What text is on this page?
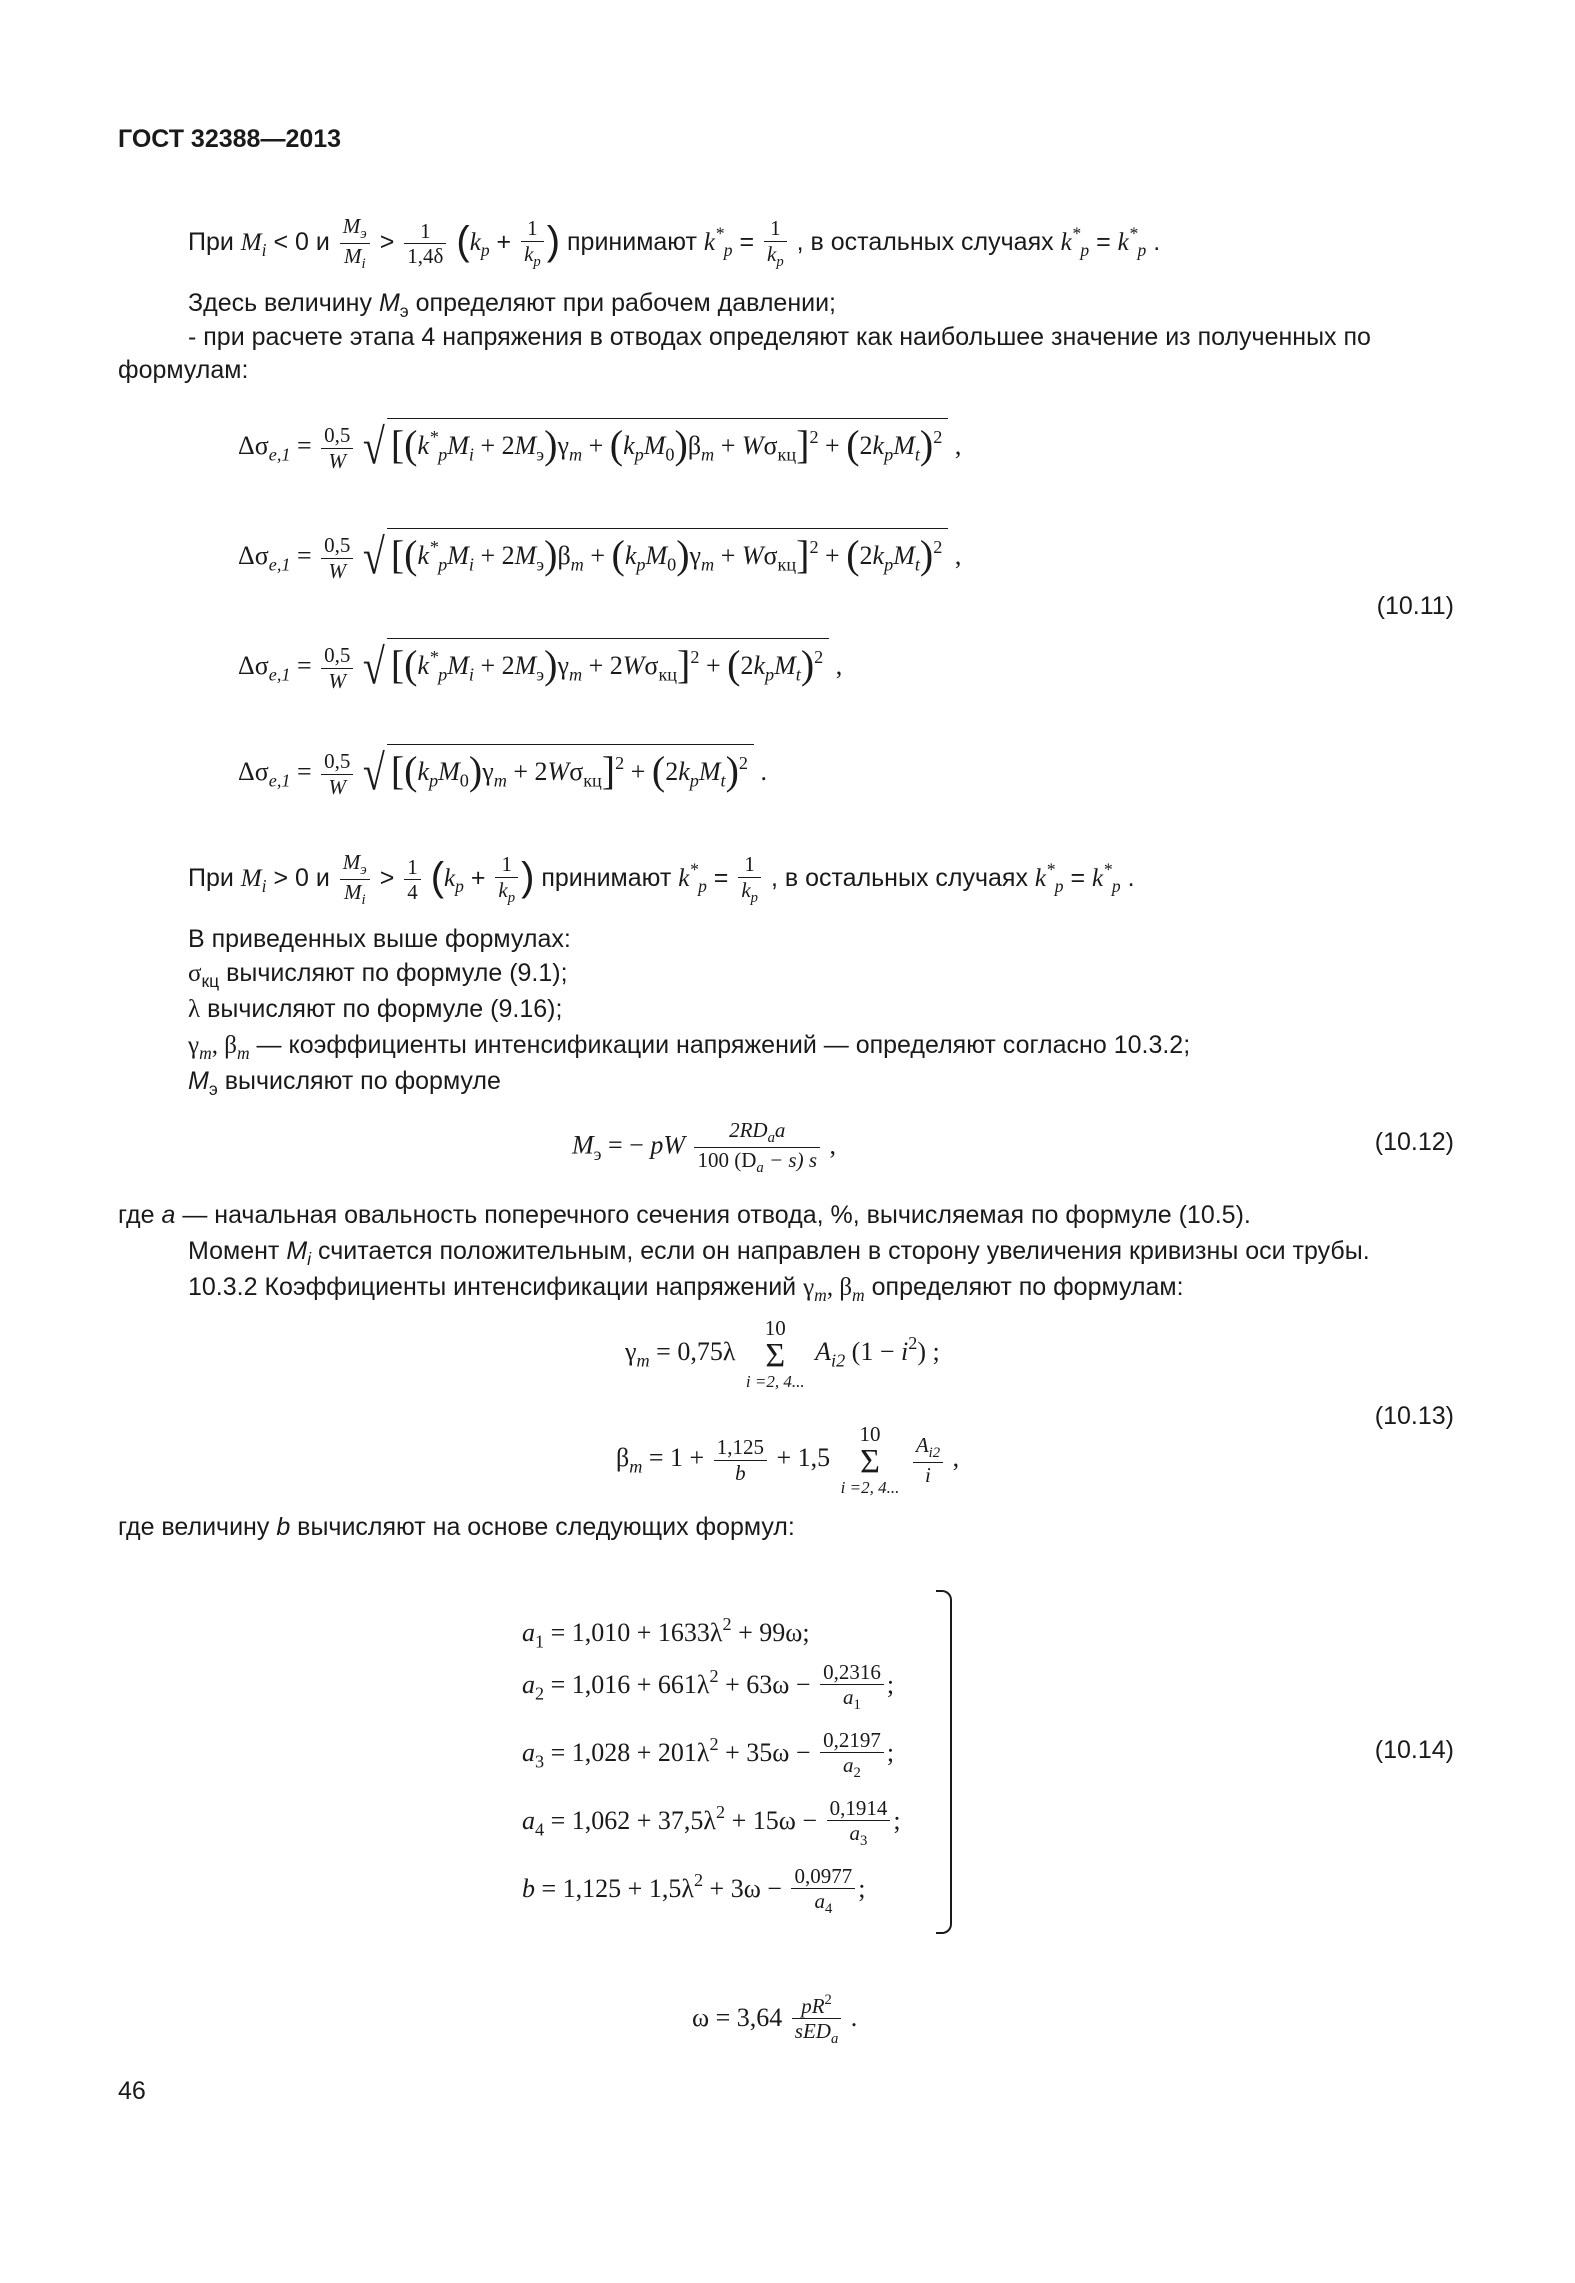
ГОСТ 32388—2013
При $M_i < 0$ и $\frac{M_э}{M_i} > \frac{1}{1,4\delta} (k_p + \frac{1}{k_p}$ ) принимают $k^*_p = \frac{1}{k_p}$ , в остальных случаях $k^*_p = k^*_p$ .
Здесь величину $M_э$ определяют при рабочем давлении;
- при расчете этапа 4 напряжения в отводах определяют как наибольшее значение из полученных по
формулам:
$\Delta\sigma_{e,1} = \frac{0,5}{W}$ √ $[(k^*_pM_i + 2M_э)\gamma_m + (k_pM_0)\beta_m + W\sigma_{кц}]^2 + (2k_pM_t)^2$ ,
$\Delta\sigma_{e,1} = \frac{0,5}{W}$ √ $[(k^*_pM_i + 2M_э)\beta_m + (k_pM_0)\gamma_m + W\sigma_{кц}]^2 + (2k_pM_t)^2$ ,
(10.11)
$\Delta\sigma_{e,1} = \frac{0,5}{W}$ √ $[(k^*_pM_i + 2M_э)\gamma_m + 2W\sigma_{кц}]^2 + (2k_pM_t)^2$ ,
$\Delta\sigma_{e,1} = \frac{0,5}{W}$ √ $[(k_pM_0)\gamma_m + 2W\sigma_{кц}]^2 + (2k_pM_t)^2$ .
При $M_i > 0$ и $\frac{M_э}{M_i} > \frac{1}{4} (k_p + \frac{1}{k_p}$ ) принимают $k^*_p = \frac{1}{k_p}$ , в остальных случаях $k^*_p = k^*_p$ .
В приведенных выше формулах:
$\sigma_{кц}$ вычисляют по формуле (9.1);
λ вычисляют по формуле (9.16);
$\gamma_m$, $\beta_m$ — коэффициенты интенсификации напряжений — определяют согласно 10.3.2;
$M_э$ вычисляют по формуле
$M_э$ = − pW $\frac{2RD_aa}{100 (D_a - s) s}$ ,	(10.12)
где a — начальная овальность поперечного сечения отвода, %, вычисляемая по формуле (10.5).
Момент $M_i$ считается положительным, если он направлен в сторону увеличения кривизны оси трубы.
10.3.2 Коэффициенты интенсификации напряжений $\gamma_m$, $\beta_m$ определяют по формулам:
$\gamma_m = 0,75\lambda$
10
Σ
i =2, 4...
$A_{i2}$ $(1 - i^2)$ ;
(10.13)
$\beta_m = 1 + \frac{1,125}{b} + 1,5$
10
Σ
i =2, 4...

$\frac{A_{i2}}{i}$ ,
где величину b вычисляют на основе следующих формул:
$a_1 = 1,010 + 1633\lambda^2 + 99\omega$;
$a_2 = 1,016 + 661\lambda^2 + 63\omega - \frac{0,2316}{a_1}$ ;
$a_3 = 1,028 + 201\lambda^2 + 35\omega - \frac{0,2197}{a_2}$ ;	(10.14)
$a_4 = 1,062 + 37,5\lambda^2 + 15\omega - \frac{0,1914}{a_3}$ ;
$b = 1,125 + 1,5\lambda^2 + 3\omega - \frac{0,0977}{a_4}$ ;
$\omega = 3,64 \frac{pR^2}{sED_a}$ .
46
